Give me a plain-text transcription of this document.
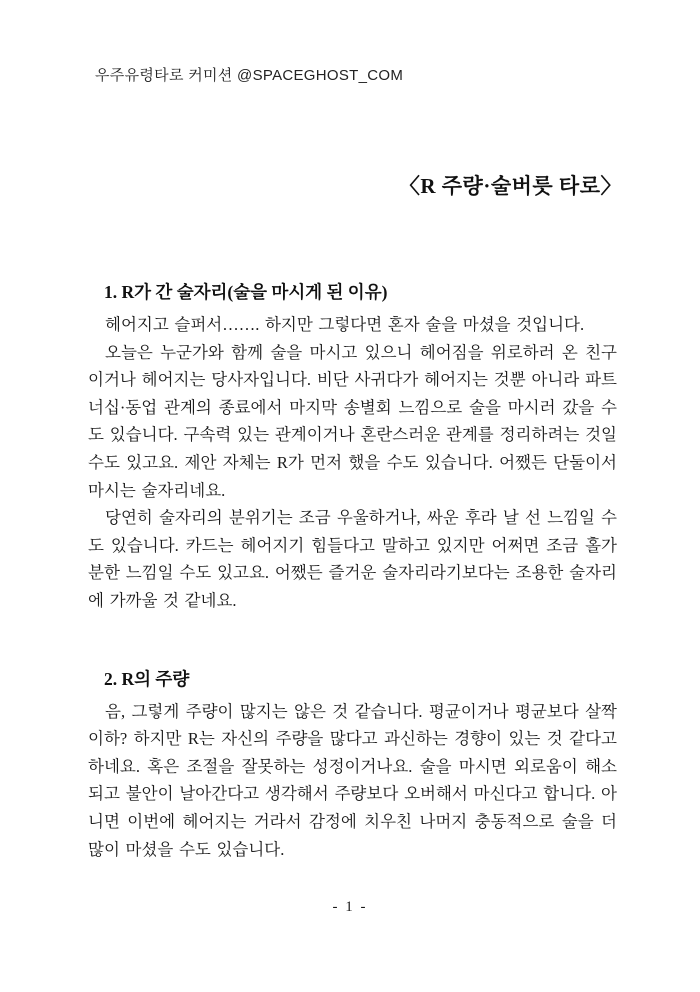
우주유령타로 커미션 @SPACEGHOST_COM
〈R 주량·술버릇 타로〉
1. R가 간 술자리(술을 마시게 된 이유)

헤어지고 슬퍼서……. 하지만 그렇다면 혼자 술을 마셨을 것입니다.

오늘은 누군가와 함께 술을 마시고 있으니 헤어짐을 위로하러 온 친구이거나 헤어지는 당사자입니다. 비단 사귀다가 헤어지는 것뿐 아니라 파트너십·동업 관계의 종료에서 마지막 송별회 느낌으로 술을 마시러 갔을 수도 있습니다. 구속력 있는 관계이거나 혼란스러운 관계를 정리하려는 것일 수도 있고요. 제안 자체는 R가 먼저 했을 수도 있습니다. 어쨌든 단둘이서 마시는 술자리네요.

당연히 술자리의 분위기는 조금 우울하거나, 싸운 후라 날 선 느낌일 수도 있습니다. 카드는 헤어지기 힘들다고 말하고 있지만 어쩌면 조금 홀가분한 느낌일 수도 있고요. 어쨌든 즐거운 술자리라기보다는 조용한 술자리에 가까울 것 같네요.

2. R의 주량

음, 그렇게 주량이 많지는 않은 것 같습니다. 평균이거나 평균보다 살짝 이하? 하지만 R는 자신의 주량을 많다고 과신하는 경향이 있는 것 같다고 하네요. 혹은 조절을 잘못하는 성정이거나요. 술을 마시면 외로움이 해소되고 불안이 날아간다고 생각해서 주량보다 오버해서 마신다고 합니다. 아니면 이번에 헤어지는 거라서 감정에 치우친 나머지 충동적으로 술을 더 많이 마셨을 수도 있습니다.

- 1 -
